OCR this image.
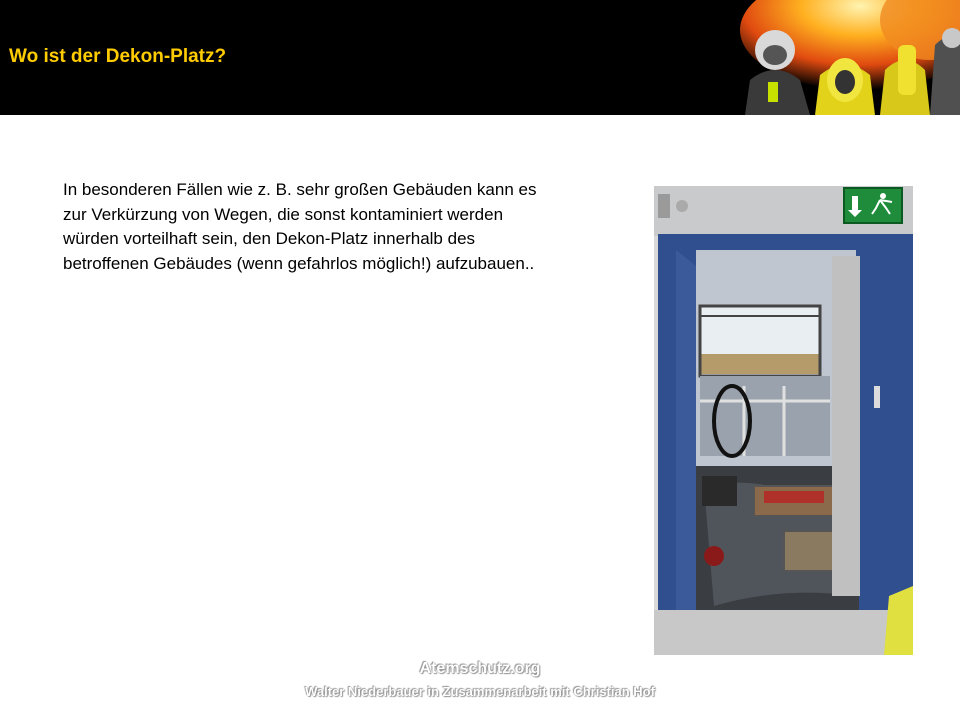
Wo ist der Dekon-Platz?
In besonderen Fällen wie z. B. sehr großen Gebäuden kann es zur Verkürzung von Wegen, die sonst kontaminiert werden würden vorteilhaft sein, den Dekon-Platz innerhalb des betroffenen Gebäudes (wenn gefahrlos möglich!) aufzubauen..
Atemschutz.org
Walter Niederbauer in Zusammenarbeit mit Christian Hof
